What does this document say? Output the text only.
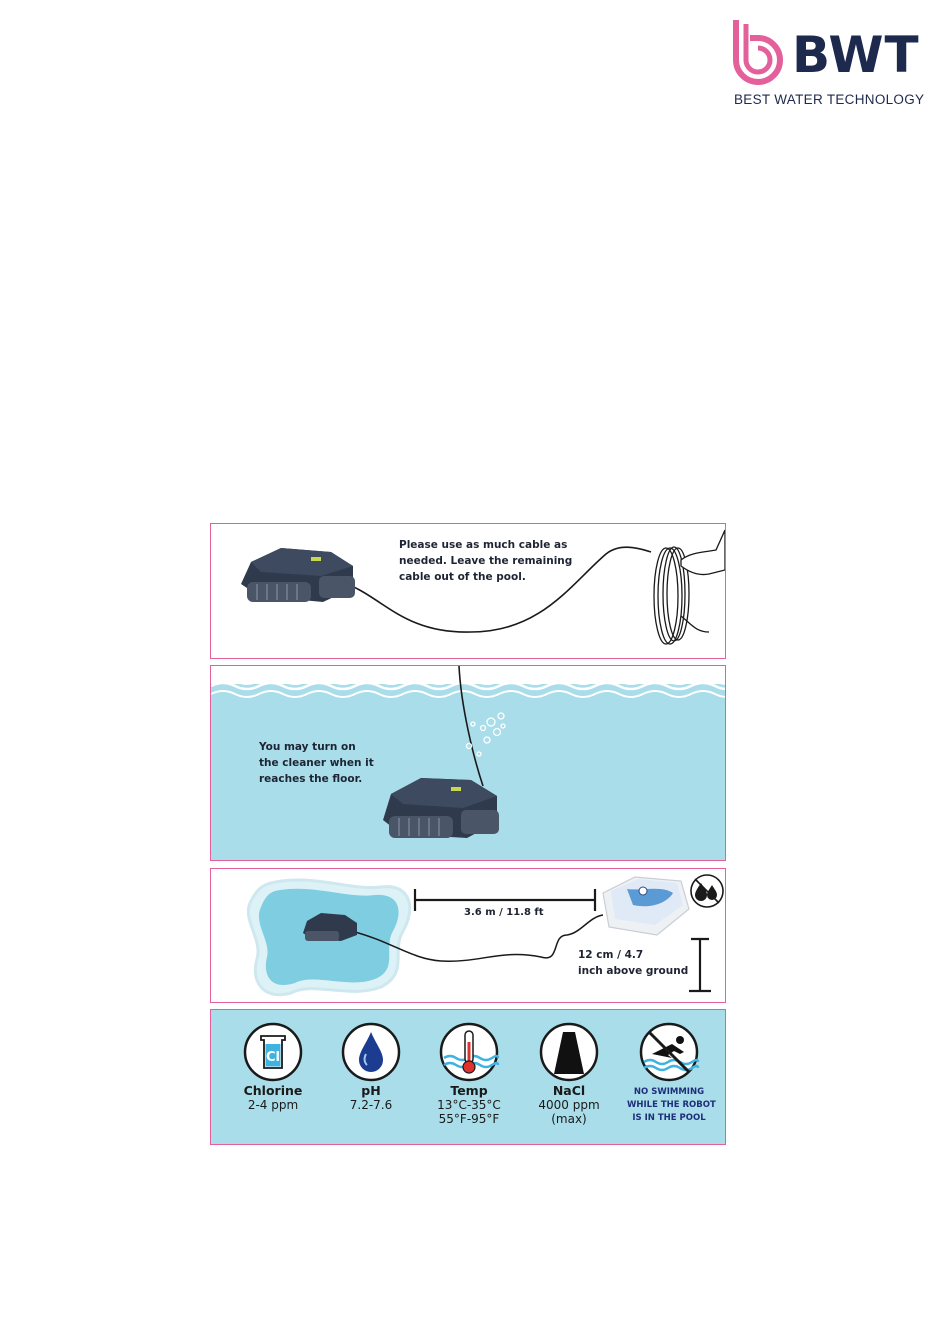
BWT
BEST WATER TECHNOLOGY
Please use as much cable as
needed. Leave the remaining
cable out of the pool.
You may turn on
the cleaner when it
reaches the floor.
3.6 m / 11.8 ft
12 cm / 4.7
inch above ground
Cl
Chlorine
2-4 ppm
pH
7.2-7.6
Temp
13°C-35°C
55°F-95°F
NaCl
4000 ppm
(max)
NO SWIMMING
WHILE THE ROBOT
IS IN THE POOL
